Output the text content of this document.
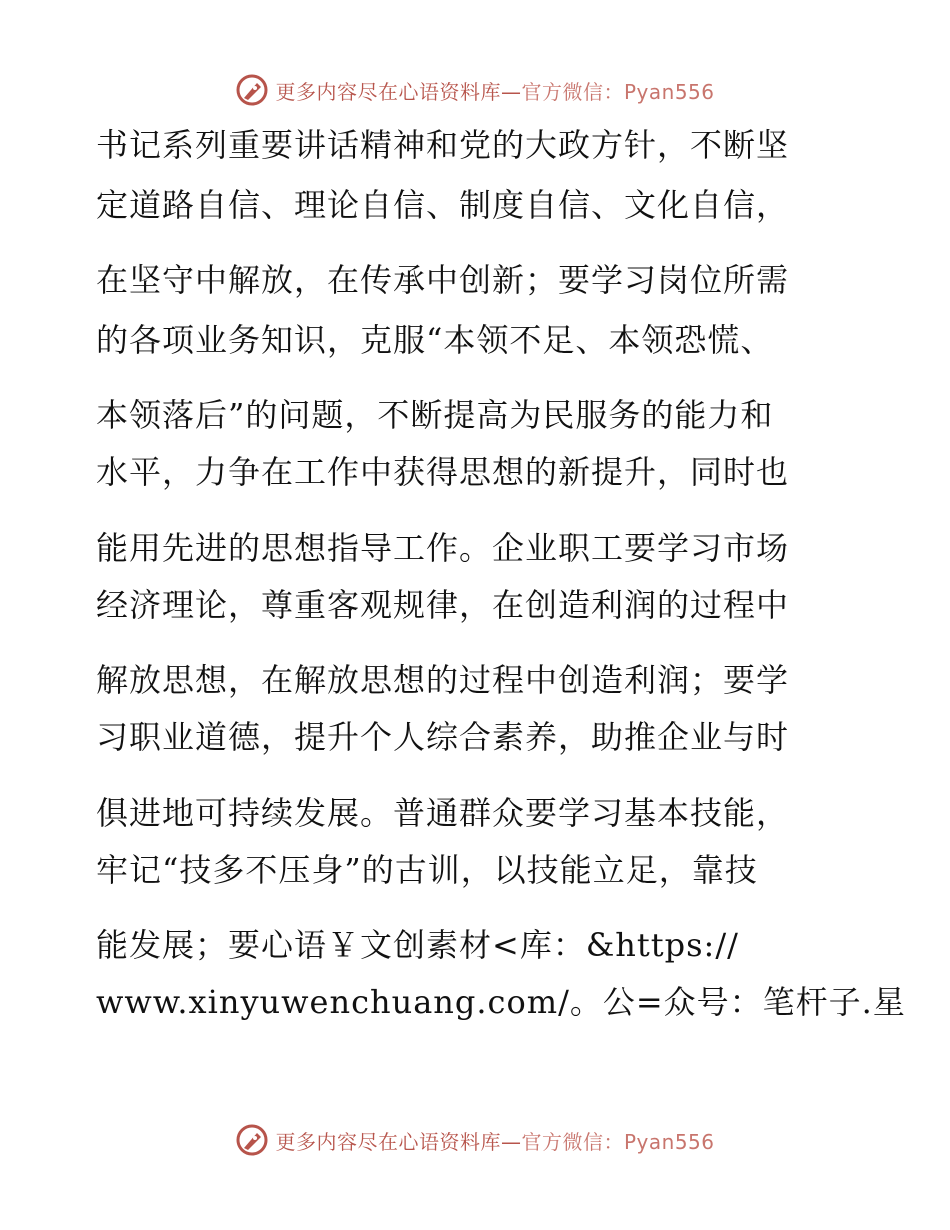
更多内容尽在心语资料库—官方微信：Pyan556
书记系列重要讲话精神和党的大政方针，不断坚
定道路自信、理论自信、制度自信、文化自信，
在坚守中解放，在传承中创新；要学习岗位所需
的各项业务知识，克服“本领不足、本领恐慌、
本领落后”的问题，不断提高为民服务的能力和
水平，力争在工作中获得思想的新提升，同时也
能用先进的思想指导工作。企业职工要学习市场
经济理论，尊重客观规律，在创造利润的过程中
解放思想，在解放思想的过程中创造利润；要学
习职业道德，提升个人综合素养，助推企业与时
俱进地可持续发展。普通群众要学习基本技能，
牢记“技多不压身”的古训，以技能立足，靠技
能发展；要心语￥文创素材<库：&https://
www.xinyuwenchuang.com/。公=众号：笔杆子.星
更多内容尽在心语资料库—官方微信：Pyan556
